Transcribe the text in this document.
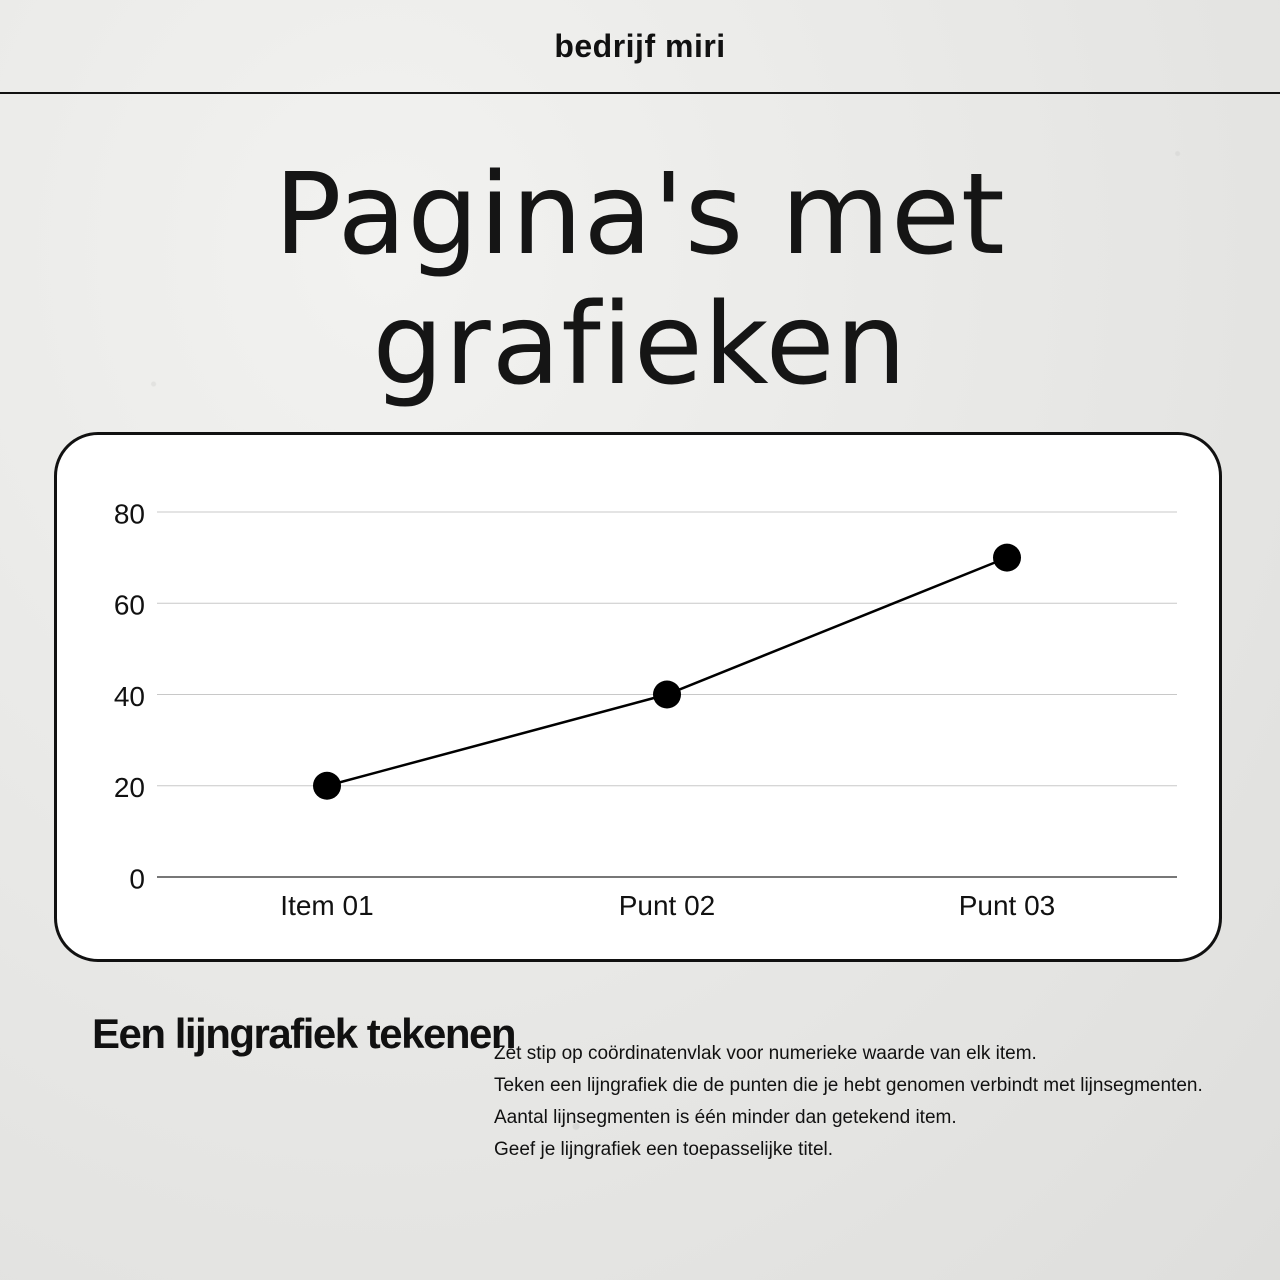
bedrijf miri
Pagina's met grafieken
0
20
40
60
80
Item 01	Punt 02	Punt 03
Een lijngrafiek tekenen
Zet stip op coördinatenvlak voor numerieke waarde van elk item.
Teken een lijngrafiek die de punten die je hebt genomen verbindt met lijnsegmenten.
Aantal lijnsegmenten is één minder dan getekend item.
Geef je lijngrafiek een toepasselijke titel.
